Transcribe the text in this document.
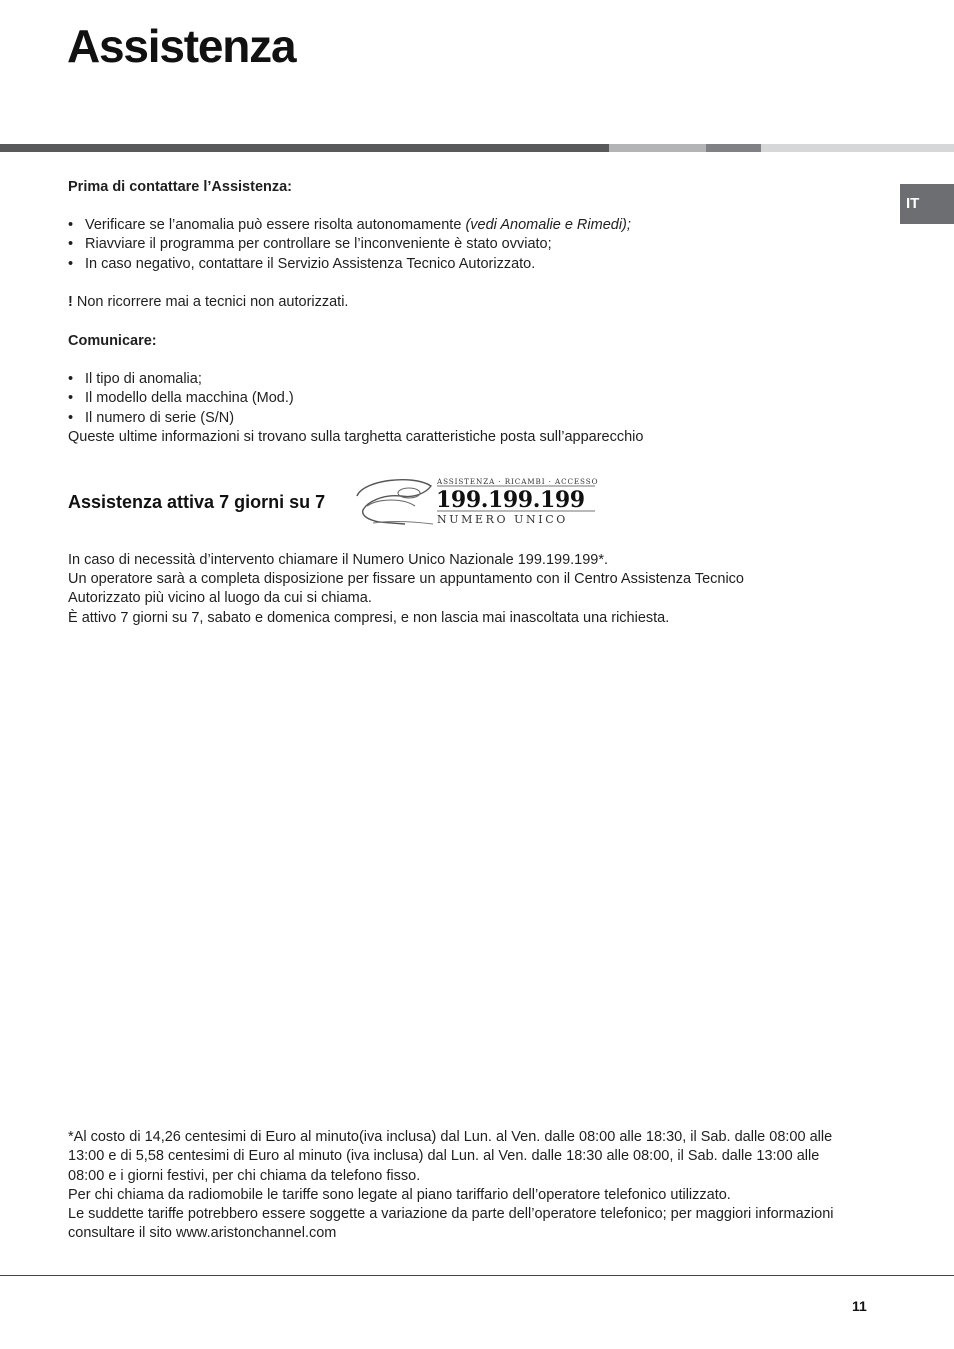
Assistenza
IT
Prima di contattare l’Assistenza:
• Verificare se l’anomalia può essere risolta autonomamente (vedi Anomalie e Rimedi);
• Riavviare il programma per controllare se l’inconveniente è stato ovviato;
• In caso negativo, contattare il Servizio Assistenza Tecnico Autorizzato.
! Non ricorrere mai a tecnici non autorizzati.
Comunicare:
• Il tipo di anomalia;
• Il modello della macchina (Mod.)
• Il numero di serie (S/N)
Queste ultime informazioni si trovano sulla targhetta caratteristiche posta sull’apparecchio
Assistenza attiva 7 giorni su 7
ASSISTENZA · RICAMBI · ACCESSORI
199.199.199
NUMERO UNICO
In caso di necessità d’intervento chiamare il Numero Unico Nazionale 199.199.199*.
Un operatore sarà a completa disposizione per fissare un appuntamento con il Centro Assistenza Tecnico
Autorizzato più vicino al luogo da cui si chiama.
È attivo 7 giorni su 7, sabato e domenica compresi, e non lascia mai inascoltata una richiesta.
*Al costo di 14,26 centesimi di Euro al minuto(iva inclusa) dal Lun. al Ven. dalle 08:00 alle 18:30, il Sab. dalle 08:00 alle
13:00 e di 5,58 centesimi di Euro al minuto (iva inclusa) dal Lun. al Ven. dalle 18:30 alle 08:00, il Sab. dalle 13:00 alle
08:00 e i giorni festivi, per chi chiama da telefono fisso.
Per chi chiama da radiomobile le tariffe sono legate al piano tariffario dell’operatore telefonico utilizzato.
Le suddette tariffe potrebbero essere soggette a variazione da parte dell’operatore telefonico; per maggiori informazioni
consultare il sito www.aristonchannel.com
11
